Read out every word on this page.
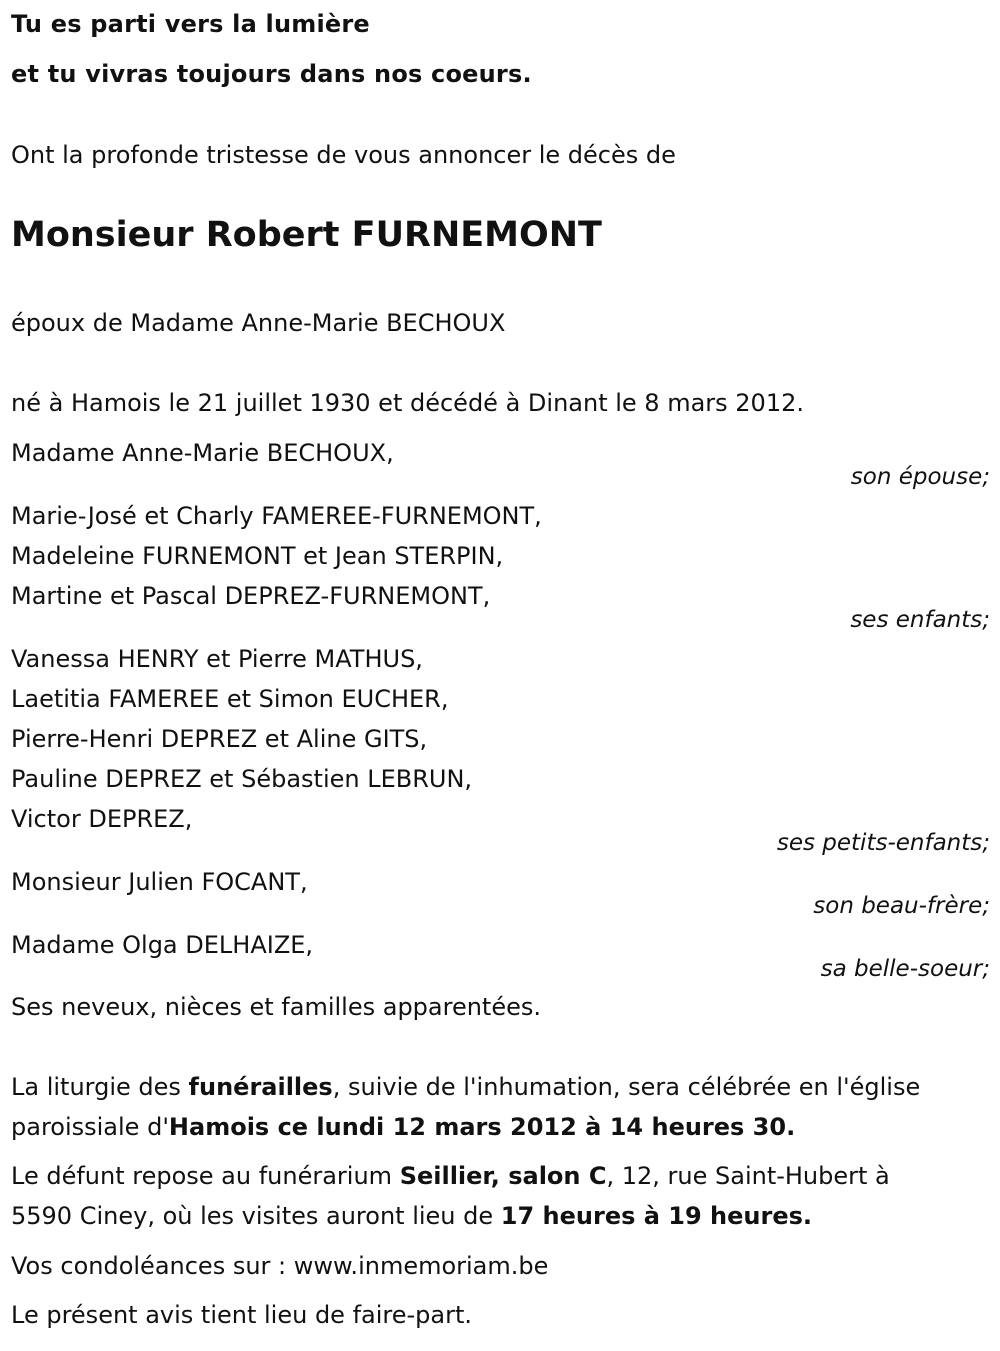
Tu es parti vers la lumière
et tu vivras toujours dans nos coeurs.
Ont la profonde tristesse de vous annoncer le décès de
Monsieur Robert FURNEMONT
époux de Madame Anne-Marie BECHOUX
né à Hamois le 21 juillet 1930 et décédé à Dinant le 8 mars 2012.
Madame Anne-Marie BECHOUX,
son épouse;
Marie-José et Charly FAMEREE-FURNEMONT,
Madeleine FURNEMONT et Jean STERPIN,
Martine et Pascal DEPREZ-FURNEMONT,
ses enfants;
Vanessa HENRY et Pierre MATHUS,
Laetitia FAMEREE et Simon EUCHER,
Pierre-Henri DEPREZ et Aline GITS,
Pauline DEPREZ et Sébastien LEBRUN,
Victor DEPREZ,
ses petits-enfants;
Monsieur Julien FOCANT,
son beau-frère;
Madame Olga DELHAIZE,
sa belle-soeur;
Ses neveux, nièces et familles apparentées.
La liturgie des funérailles, suivie de l'inhumation, sera célébrée en l'église
paroissiale d'Hamois ce lundi 12 mars 2012 à 14 heures 30.
Le défunt repose au funérarium Seillier, salon C, 12, rue Saint-Hubert à
5590 Ciney, où les visites auront lieu de 17 heures à 19 heures.
Vos condoléances sur : www.inmemoriam.be
Le présent avis tient lieu de faire-part.
